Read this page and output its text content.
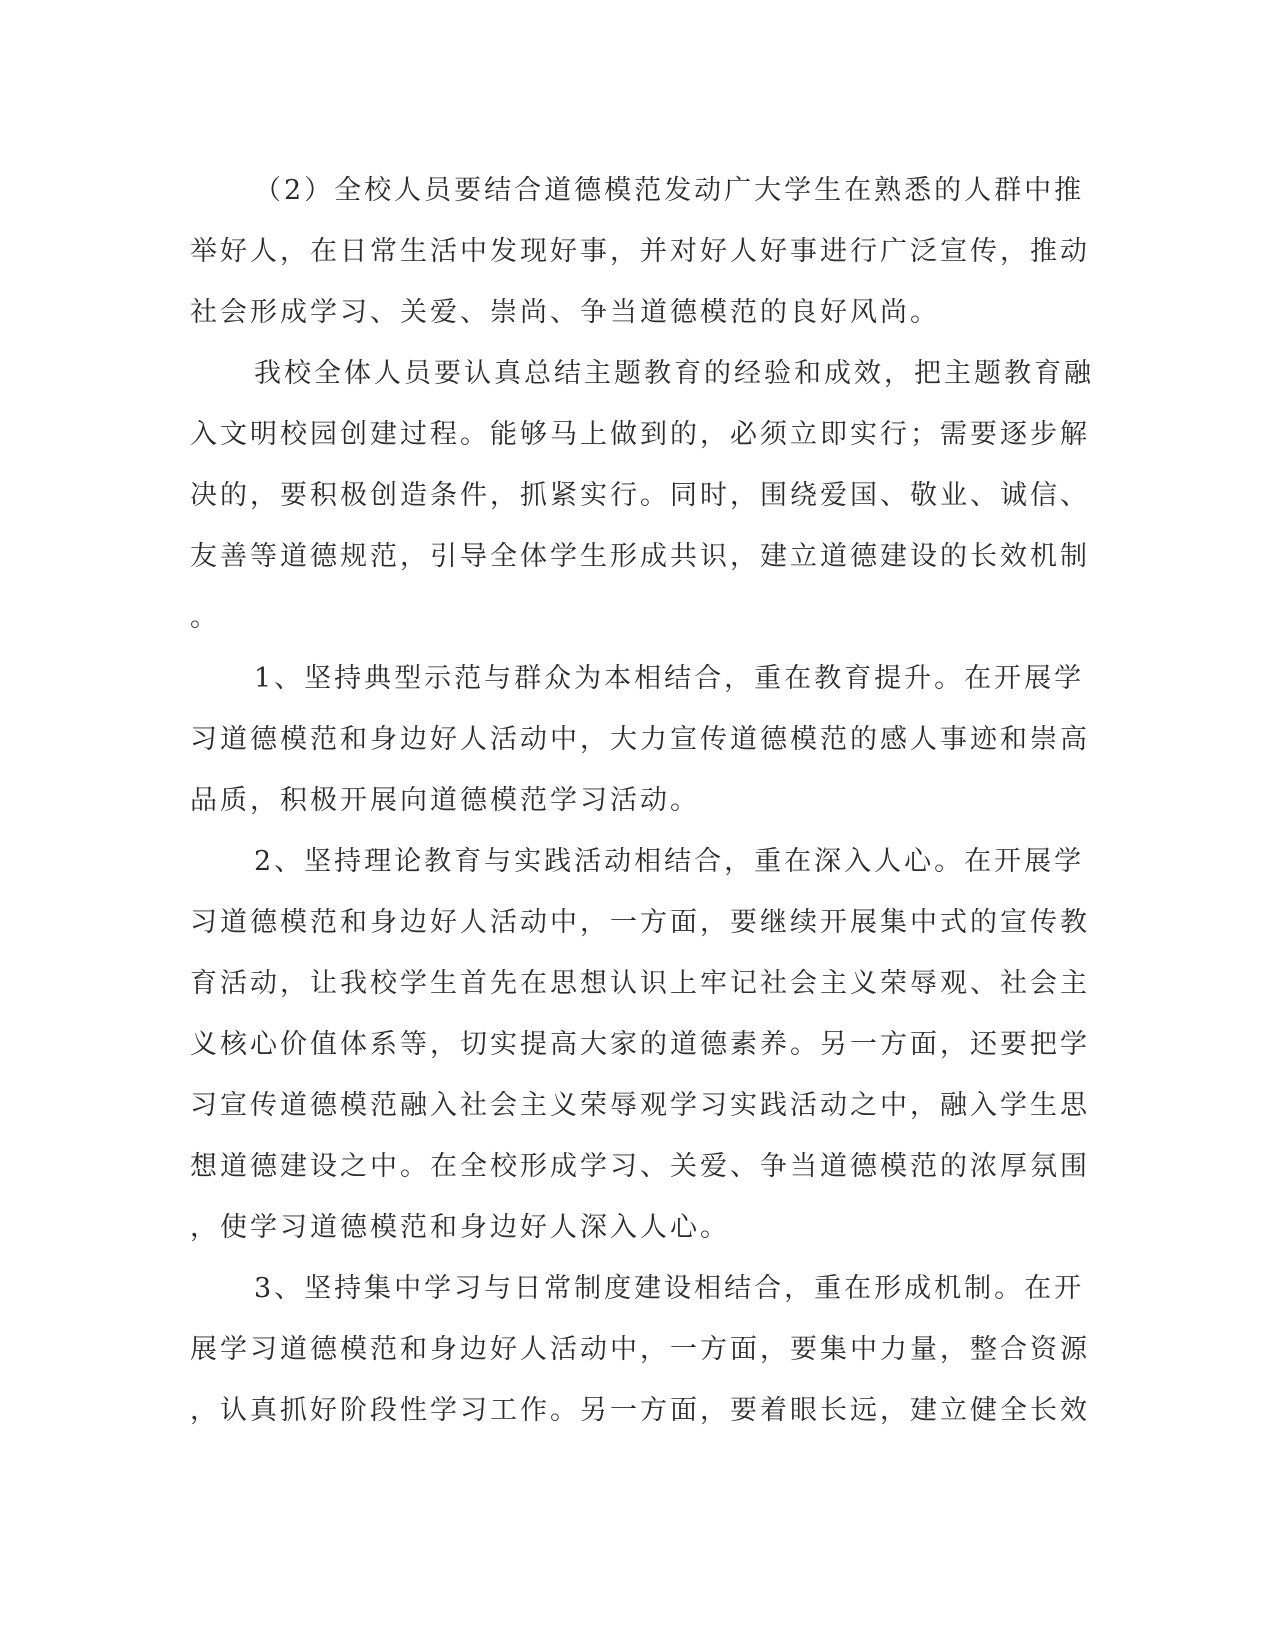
（2）全校人员要结合道德模范发动广大学生在熟悉的人群中推
举好人，在日常生活中发现好事，并对好人好事进行广泛宣传，推动
社会形成学习、关爱、崇尚、争当道德模范的良好风尚。
我校全体人员要认真总结主题教育的经验和成效，把主题教育融
入文明校园创建过程。能够马上做到的，必须立即实行；需要逐步解
决的，要积极创造条件，抓紧实行。同时，围绕爱国、敬业、诚信、
友善等道德规范，引导全体学生形成共识，建立道德建设的长效机制
。
1、坚持典型示范与群众为本相结合，重在教育提升。在开展学
习道德模范和身边好人活动中，大力宣传道德模范的感人事迹和崇高
品质，积极开展向道德模范学习活动。
2、坚持理论教育与实践活动相结合，重在深入人心。在开展学
习道德模范和身边好人活动中，一方面，要继续开展集中式的宣传教
育活动，让我校学生首先在思想认识上牢记社会主义荣辱观、社会主
义核心价值体系等，切实提高大家的道德素养。另一方面，还要把学
习宣传道德模范融入社会主义荣辱观学习实践活动之中，融入学生思
想道德建设之中。在全校形成学习、关爱、争当道德模范的浓厚氛围
，使学习道德模范和身边好人深入人心。
3、坚持集中学习与日常制度建设相结合，重在形成机制。在开
展学习道德模范和身边好人活动中，一方面，要集中力量，整合资源
，认真抓好阶段性学习工作。另一方面，要着眼长远，建立健全长效
